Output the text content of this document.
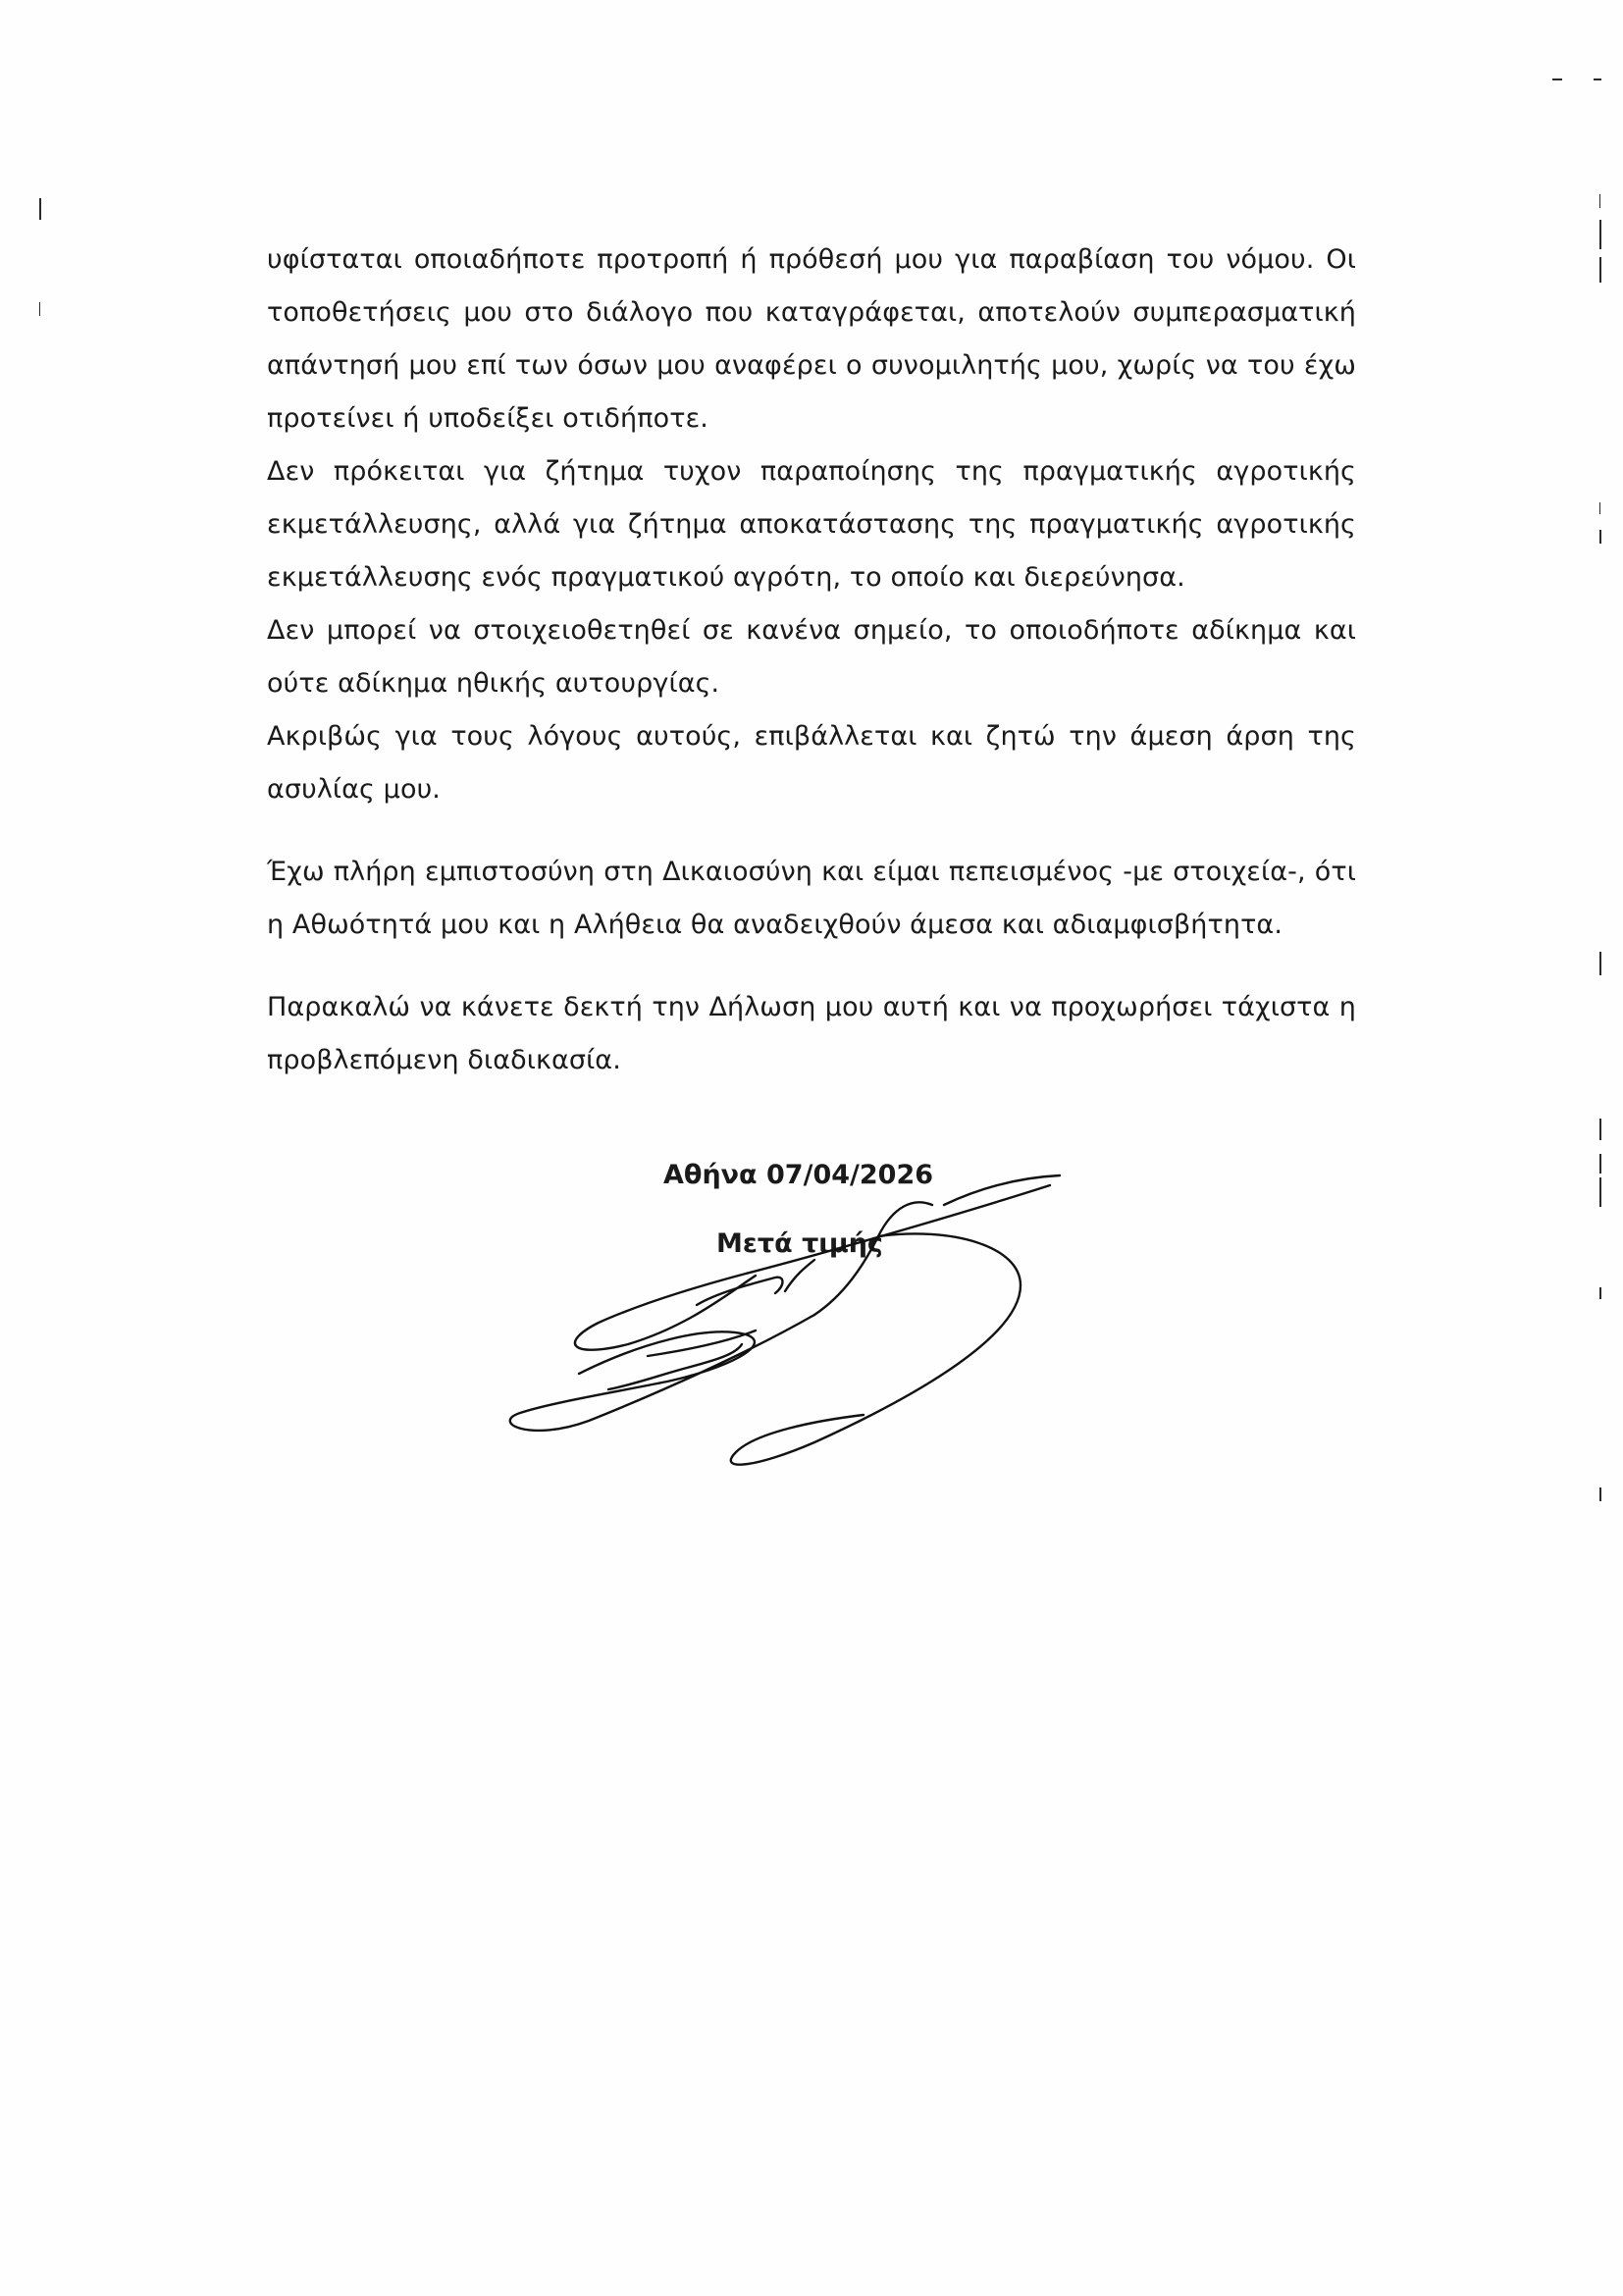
υφίσταται οποιαδήποτε προτροπή ή πρόθεσή μου για παραβίαση του νόμου. Οι τοποθετήσεις μου στο διάλογο που καταγράφεται, αποτελούν συμπερασματική απάντησή μου επί των όσων μου αναφέρει ο συνομιλητής μου, χωρίς να του έχω προτείνει ή υποδείξει οτιδήποτε.

Δεν πρόκειται για ζήτημα τυχον παραποίησης της πραγματικής αγροτικής εκμετάλλευσης, αλλά για ζήτημα αποκατάστασης της πραγματικής αγροτικής εκμετάλλευσης ενός πραγματικού αγρότη, το οποίο και διερεύνησα.

Δεν μπορεί να στοιχειοθετηθεί σε κανένα σημείο, το οποιοδήποτε αδίκημα και ούτε αδίκημα ηθικής αυτουργίας.

Ακριβώς για τους λόγους αυτούς, επιβάλλεται και ζητώ την άμεση άρση της ασυλίας μου.

Έχω πλήρη εμπιστοσύνη στη Δικαιοσύνη και είμαι πεπεισμένος -με στοιχεία-, ότι η Αθωότητά μου και η Αλήθεια θα αναδειχθούν άμεσα και αδιαμφισβήτητα.

Παρακαλώ να κάνετε δεκτή την Δήλωση μου αυτή και να προχωρήσει τάχιστα η προβλεπόμενη διαδικασία.

Αθήνα 07/04/2026
Μετά τιμής
